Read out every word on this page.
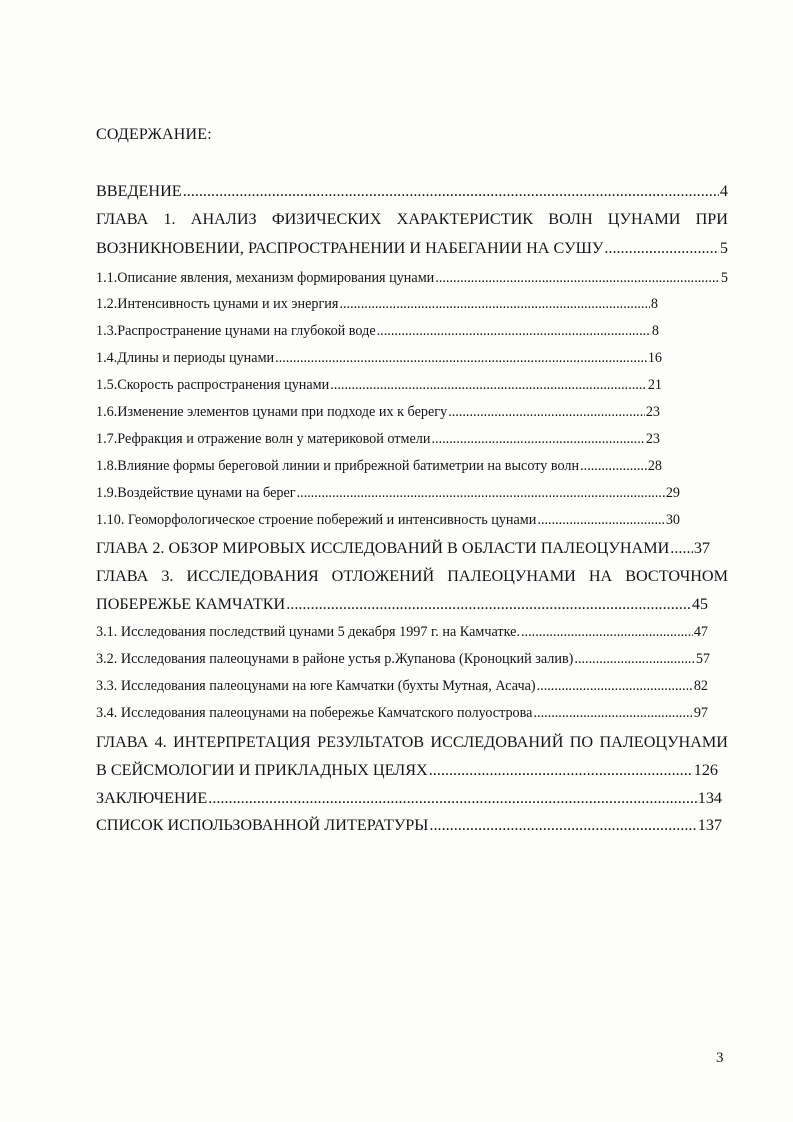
СОДЕРЖАНИЕ:
ВВЕДЕНИЕ .....	4
ГЛАВА 1. АНАЛИЗ ФИЗИЧЕСКИХ ХАРАКТЕРИСТИК ВОЛН ЦУНАМИ ПРИ
ВОЗНИКНОВЕНИИ, РАСПРОСТРАНЕНИИ И НАБЕГАНИИ НА СУШУ .....	5
1.1.Описание явления, механизм формирования цунами .....	5
1.2.Интенсивность цунами и их энергия .....	8
1.3.Распространение цунами на глубокой воде .....	8
1.4.Длины и периоды цунами .....	16
1.5.Скорость распространения цунами .....	21
1.6.Изменение элементов цунами при подходе их к берегу .....	23
1.7.Рефракция и отражение волн у материковой отмели .....	23
1.8.Влияние формы береговой линии и прибрежной батиметрии на высоту волн .....	28
1.9.Воздействие цунами на берег .....	29
1.10. Геоморфологическое строение побережий и интенсивность цунами .....	30
ГЛАВА 2. ОБЗОР МИРОВЫХ ИССЛЕДОВАНИЙ В ОБЛАСТИ ПАЛЕОЦУНАМИ ..... 37
ГЛАВА 3. ИССЛЕДОВАНИЯ ОТЛОЖЕНИЙ ПАЛЕОЦУНАМИ НА ВОСТОЧНОМ
ПОБЕРЕЖЬЕ КАМЧАТКИ .....	45
3.1. Исследования последствий цунами 5 декабря 1997 г. на Камчатке. .....	47
3.2. Исследования палеоцунами в районе устья р.Жупанова (Кроноцкий залив) .....	57
3.3. Исследования палеоцунами на юге Камчатки (бухты Мутная, Асача) .....	82
3.4. Исследования палеоцунами на побережье Камчатского полуострова .....	97
ГЛАВА 4. ИНТЕРПРЕТАЦИЯ РЕЗУЛЬТАТОВ ИССЛЕДОВАНИЙ ПО ПАЛЕОЦУНАМИ
В СЕЙСМОЛОГИИ И ПРИКЛАДНЫХ ЦЕЛЯХ .....	126
ЗАКЛЮЧЕНИЕ .....	134
СПИСОК ИСПОЛЬЗОВАННОЙ ЛИТЕРАТУРЫ .....	137
3
